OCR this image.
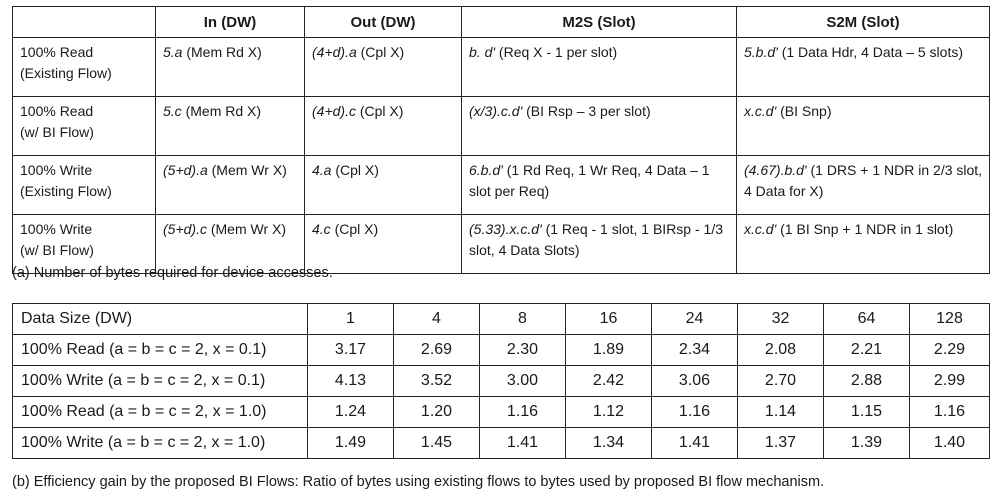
	In (DW)	Out (DW)	M2S (Slot)	S2M (Slot)
100% Read
(Existing Flow)	5.a (Mem Rd X)	(4+d).a (Cpl X)	b. d' (Req X - 1 per slot)	5.b.d' (1 Data Hdr, 4 Data – 5 slots)
100% Read
(w/ BI Flow)	5.c (Mem Rd X)	(4+d).c (Cpl X)	(x/3).c.d' (BI Rsp – 3 per slot)	x.c.d' (BI Snp)
100% Write
(Existing Flow)	(5+d).a (Mem Wr X)	4.a (Cpl X)	6.b.d' (1 Rd Req, 1 Wr Req, 4 Data – 1 slot per Req)	(4.67).b.d' (1 DRS + 1 NDR in 2/3 slot, 4 Data for X)
100% Write
(w/ BI Flow)	(5+d).c (Mem Wr X)	4.c (Cpl X)	(5.33).x.c.d' (1 Req - 1 slot, 1 BIRsp - 1/3 slot, 4 Data Slots)	x.c.d' (1 BI Snp + 1 NDR in 1 slot)
(a) Number of bytes required for device accesses.
Data Size (DW)	1	4	8	16	24	32	64	128
100% Read (a = b = c = 2, x = 0.1)	3.17	2.69	2.30	1.89	2.34	2.08	2.21	2.29
100% Write (a = b = c = 2, x = 0.1)	4.13	3.52	3.00	2.42	3.06	2.70	2.88	2.99
100% Read (a = b = c = 2, x = 1.0)	1.24	1.20	1.16	1.12	1.16	1.14	1.15	1.16
100% Write (a = b = c = 2, x = 1.0)	1.49	1.45	1.41	1.34	1.41	1.37	1.39	1.40
(b) Efficiency gain by the proposed BI Flows: Ratio of bytes using existing flows to bytes used by proposed BI flow mechanism.
